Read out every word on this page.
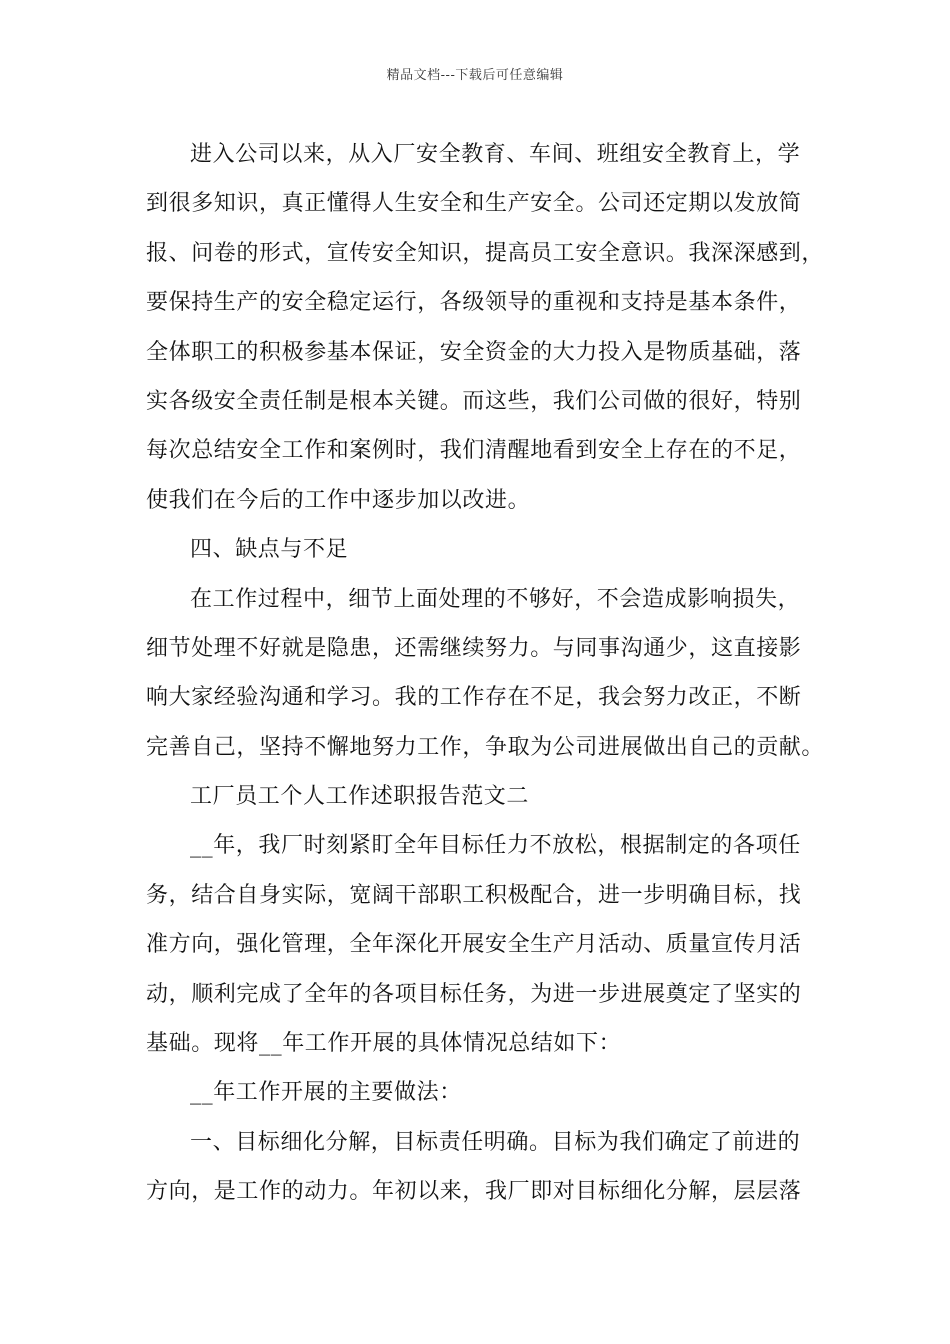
精品文档---下载后可任意编辑
进入公司以来，从入厂安全教育、车间、班组安全教育上，学
到很多知识，真正懂得人生安全和生产安全。公司还定期以发放简
报、问卷的形式，宣传安全知识，提高员工安全意识。我深深感到，
要保持生产的安全稳定运行，各级领导的重视和支持是基本条件，
全体职工的积极参基本保证，安全资金的大力投入是物质基础，落
实各级安全责任制是根本关键。而这些，我们公司做的很好，特别
每次总结安全工作和案例时，我们清醒地看到安全上存在的不足，
使我们在今后的工作中逐步加以改进。
四、缺点与不足
在工作过程中，细节上面处理的不够好，不会造成影响损失，
细节处理不好就是隐患，还需继续努力。与同事沟通少，这直接影
响大家经验沟通和学习。我的工作存在不足，我会努力改正，不断
完善自己，坚持不懈地努力工作，争取为公司进展做出自己的贡献。
工厂员工个人工作述职报告范文二
__年，我厂时刻紧盯全年目标任力不放松，根据制定的各项任
务，结合自身实际，宽阔干部职工积极配合，进一步明确目标，找
准方向，强化管理，全年深化开展安全生产月活动、质量宣传月活
动，顺利完成了全年的各项目标任务，为进一步进展奠定了坚实的
基础。现将__年工作开展的具体情况总结如下：
__年工作开展的主要做法：
一、目标细化分解，目标责任明确。目标为我们确定了前进的
方向，是工作的动力。年初以来，我厂即对目标细化分解，层层落
